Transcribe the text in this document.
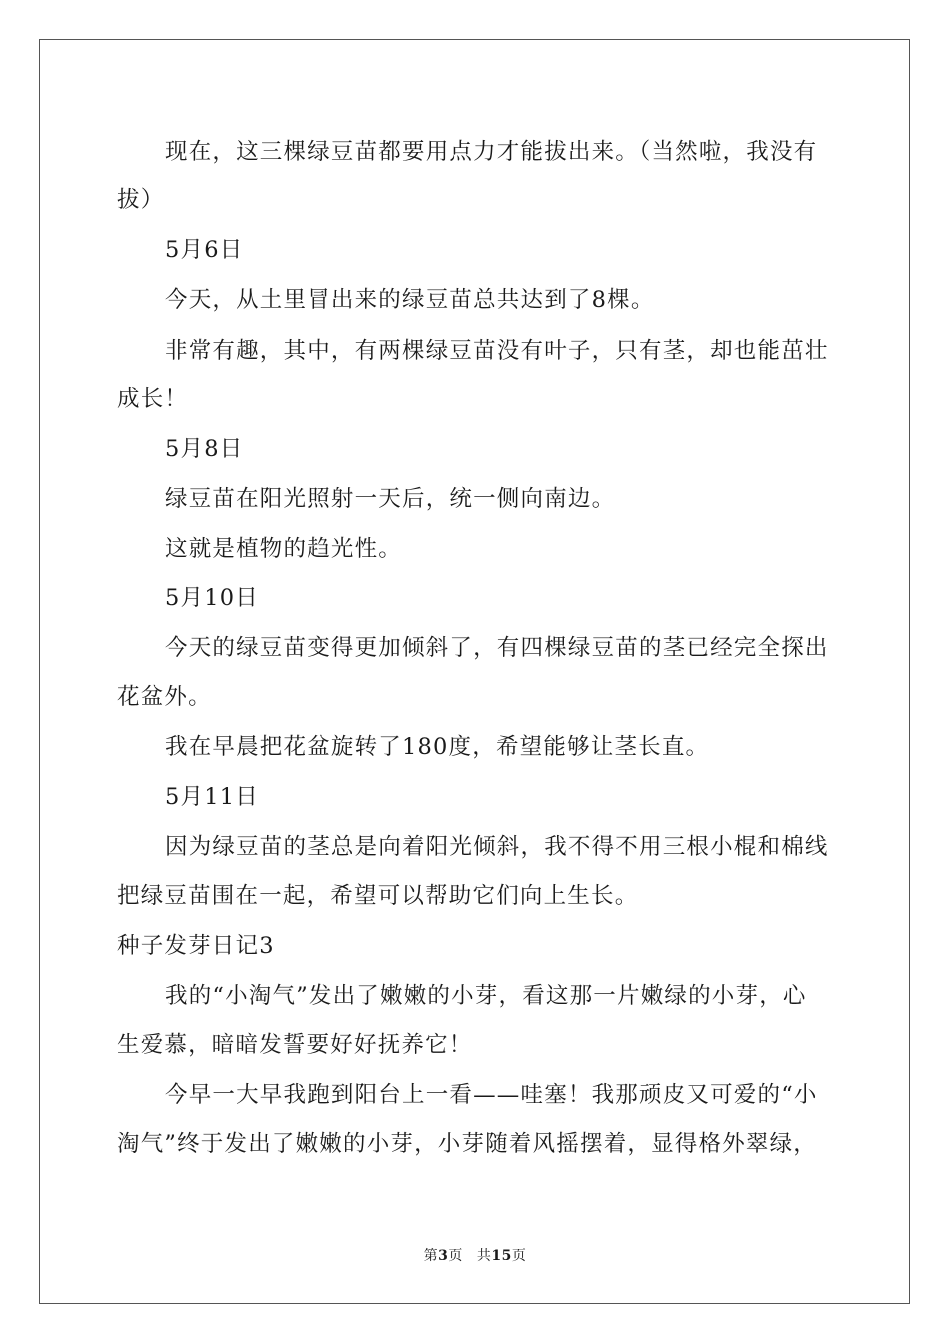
现在，这三棵绿豆苗都要用点力才能拔出来。（当然啦，我没有
拔）
5月6日
今天，从土里冒出来的绿豆苗总共达到了8棵。
非常有趣，其中，有两棵绿豆苗没有叶子，只有茎，却也能茁壮
成长！
5月8日
绿豆苗在阳光照射一天后，统一侧向南边。
这就是植物的趋光性。
5月10日
今天的绿豆苗变得更加倾斜了，有四棵绿豆苗的茎已经完全探出
花盆外。
我在早晨把花盆旋转了180度，希望能够让茎长直。
5月11日
因为绿豆苗的茎总是向着阳光倾斜，我不得不用三根小棍和棉线
把绿豆苗围在一起，希望可以帮助它们向上生长。
种子发芽日记3
我的“小淘气”发出了嫩嫩的小芽，看这那一片嫩绿的小芽，心
生爱慕，暗暗发誓要好好抚养它！
今早一大早我跑到阳台上一看——哇塞！我那顽皮又可爱的“小
淘气”终于发出了嫩嫩的小芽，小芽随着风摇摆着，显得格外翠绿，
第3页 共15页
